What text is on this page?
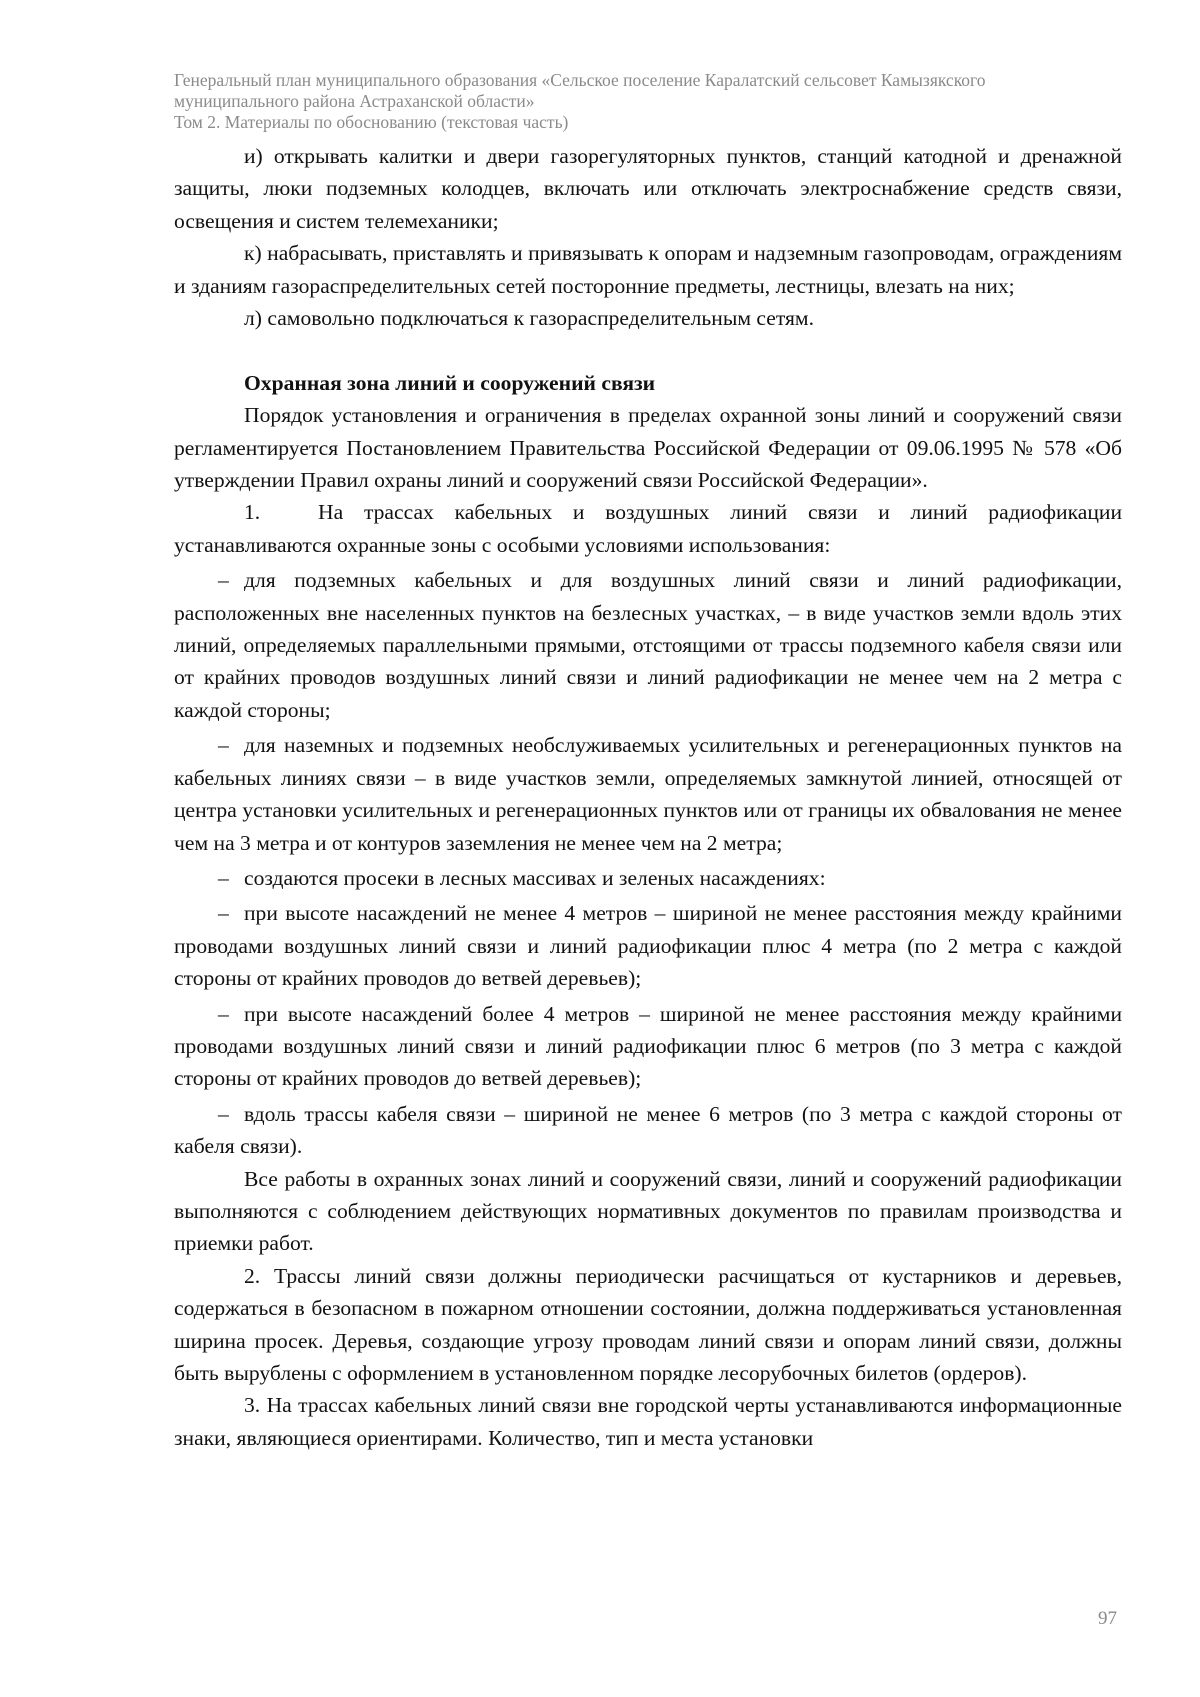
Генеральный план муниципального образования «Сельское поселение Каралатский сельсовет Камызякского
муниципального района Астраханской области»
Том 2. Материалы по обоснованию (текстовая часть)

и) открывать калитки и двери газорегуляторных пунктов, станций катодной и дренажной защиты, люки подземных колодцев, включать или отключать электроснабжение средств связи, освещения и систем телемеханики;

к) набрасывать, приставлять и привязывать к опорам и надземным газопроводам, ограждениям и зданиям газораспределительных сетей посторонние предметы, лестницы, влезать на них;

л) самовольно подключаться к газораспределительным сетям.

Охранная зона линий и сооружений связи

Порядок установления и ограничения в пределах охранной зоны линий и сооружений связи регламентируется Постановлением Правительства Российской Федерации от 09.06.1995 № 578 «Об утверждении Правил охраны линий и сооружений связи Российской Федерации».

1.	На трассах кабельных и воздушных линий связи и линий радиофикации устанавливаются охранные зоны с особыми условиями использования:

– для подземных кабельных и для воздушных линий связи и линий радиофикации, расположенных вне населенных пунктов на безлесных участках, – в виде участков земли вдоль этих линий, определяемых параллельными прямыми, отстоящими от трассы подземного кабеля связи или от крайних проводов воздушных линий связи и линий радиофикации не менее чем на 2 метра с каждой стороны;

– для наземных и подземных необслуживаемых усилительных и регенерационных пунктов на кабельных линиях связи – в виде участков земли, определяемых замкнутой линией, относящей от центра установки усилительных и регенерационных пунктов или от границы их обвалования не менее чем на 3 метра и от контуров заземления не менее чем на 2 метра;

– создаются просеки в лесных массивах и зеленых насаждениях:

– при высоте насаждений не менее 4 метров – шириной не менее расстояния между крайними проводами воздушных линий связи и линий радиофикации плюс 4 метра (по 2 метра с каждой стороны от крайних проводов до ветвей деревьев);

– при высоте насаждений более 4 метров – шириной не менее расстояния между крайними проводами воздушных линий связи и линий радиофикации плюс 6 метров (по 3 метра с каждой стороны от крайних проводов до ветвей деревьев);

– вдоль трассы кабеля связи – шириной не менее 6 метров (по 3 метра с каждой стороны от кабеля связи).

Все работы в охранных зонах линий и сооружений связи, линий и сооружений радиофикации выполняются с соблюдением действующих нормативных документов по правилам производства и приемки работ.

2. Трассы линий связи должны периодически расчищаться от кустарников и деревьев, содержаться в безопасном в пожарном отношении состоянии, должна поддерживаться установленная ширина просек. Деревья, создающие угрозу проводам линий связи и опорам линий связи, должны быть вырублены с оформлением в установленном порядке лесорубочных билетов (ордеров).

3. На трассах кабельных линий связи вне городской черты устанавливаются информационные знаки, являющиеся ориентирами. Количество, тип и места установки

97
